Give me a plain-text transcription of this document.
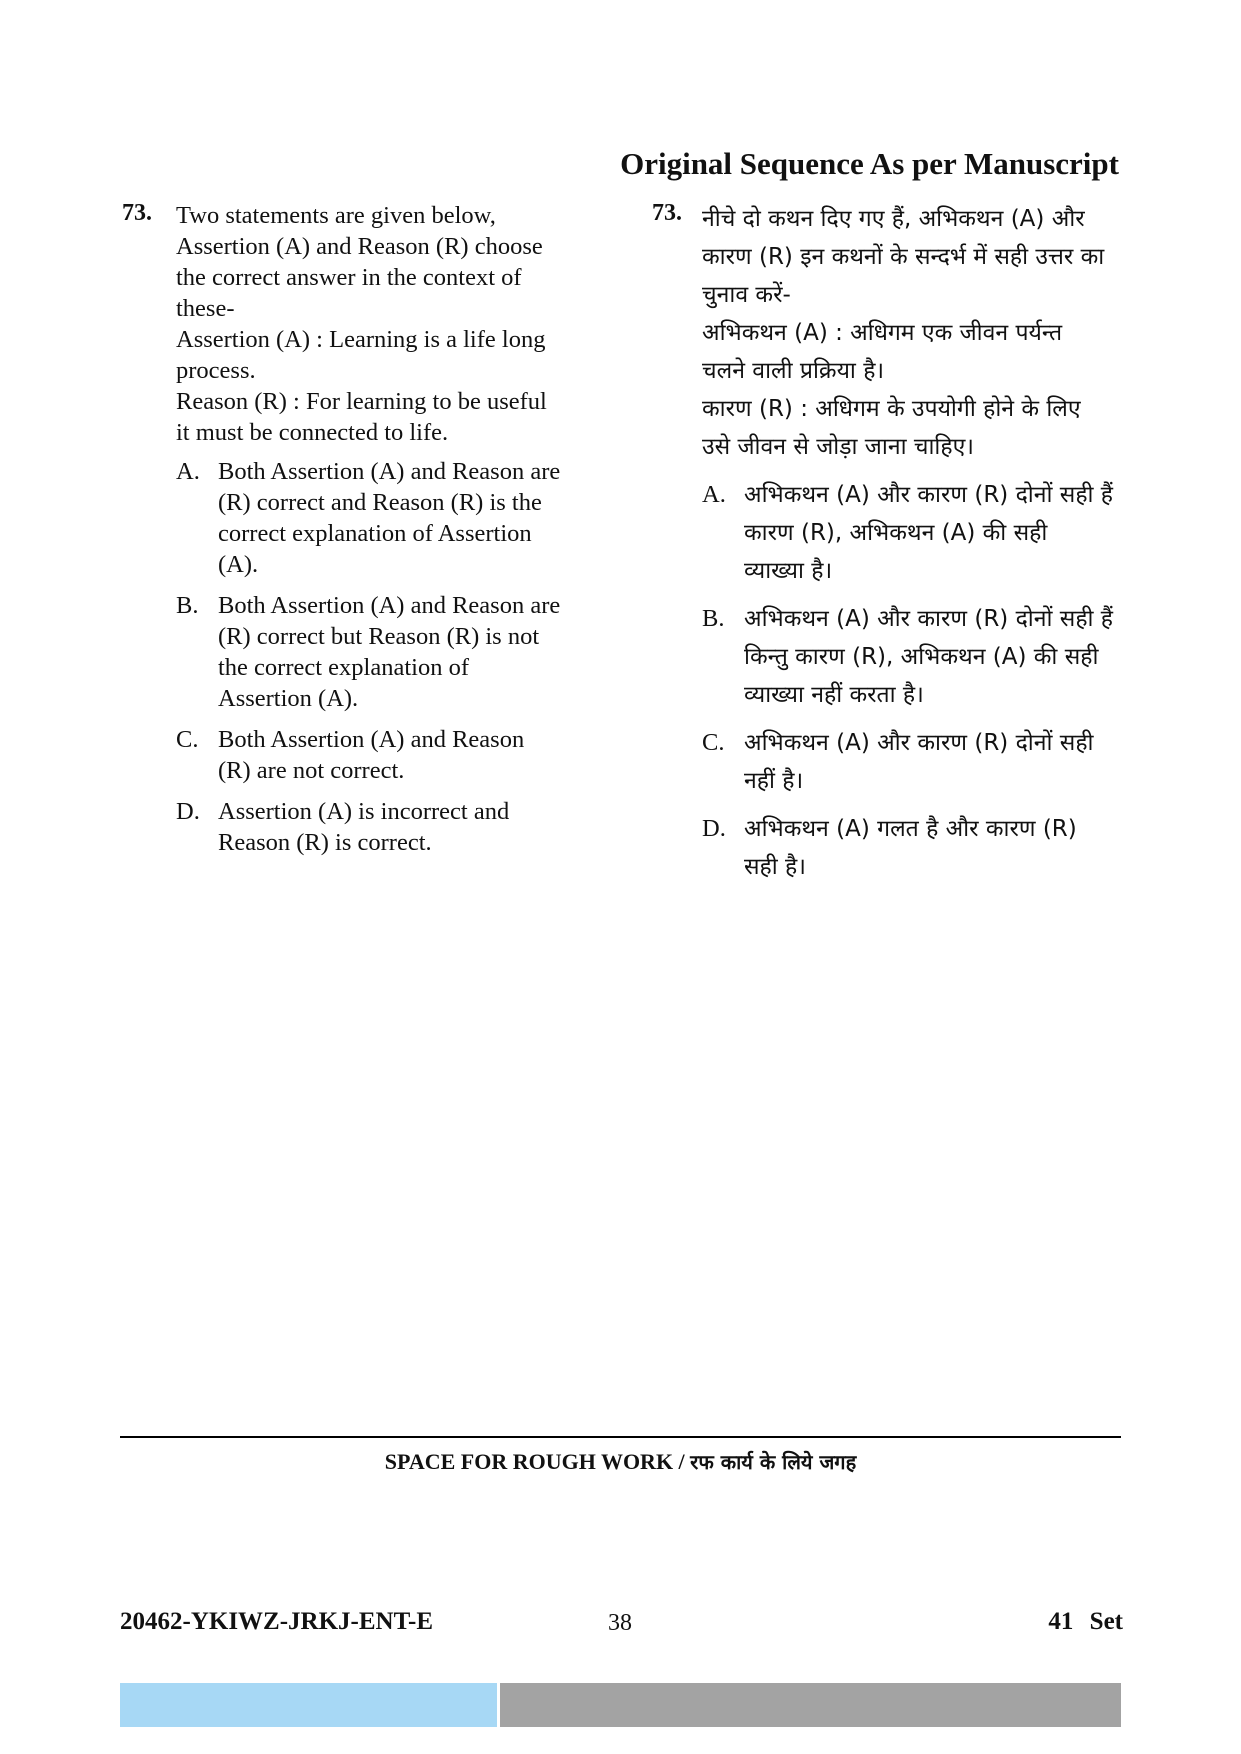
Original Sequence As per Manuscript
73. Two statements are given below,
Assertion (A) and Reason (R) choose
the correct answer in the context of
these-
Assertion (A) : Learning is a life long
process.
Reason (R) : For learning to be useful
it must be connected to life.
A. Both Assertion (A) and Reason are
(R) correct and Reason (R) is the
correct explanation of Assertion
(A).
B. Both Assertion (A) and Reason are
(R) correct but Reason (R) is not
the correct explanation of
Assertion (A).
C. Both Assertion (A) and Reason
(R) are not correct.
D. Assertion (A) is incorrect and
Reason (R) is correct.
73. नीचे दो कथन दिए गए हैं, अभिकथन (A) और
कारण (R) इन कथनों के सन्दर्भ में सही उत्तर का
चुनाव करें-
अभिकथन (A) : अधिगम एक जीवन पर्यन्त
चलने वाली प्रक्रिया है।
कारण (R) : अधिगम के उपयोगी होने के लिए
उसे जीवन से जोड़ा जाना चाहिए।
A. अभिकथन (A) और कारण (R) दोनों सही हैं
कारण (R), अभिकथन (A) की सही
व्याख्या है।
B. अभिकथन (A) और कारण (R) दोनों सही हैं
किन्तु कारण (R), अभिकथन (A) की सही
व्याख्या नहीं करता है।
C. अभिकथन (A) और कारण (R) दोनों सही
नहीं है।
D. अभिकथन (A) गलत है और कारण (R)
सही है।
SPACE FOR ROUGH WORK / रफ कार्य के लिये जगह
20462-YKIWZ-JRKJ-ENT-E	38	41 Set
